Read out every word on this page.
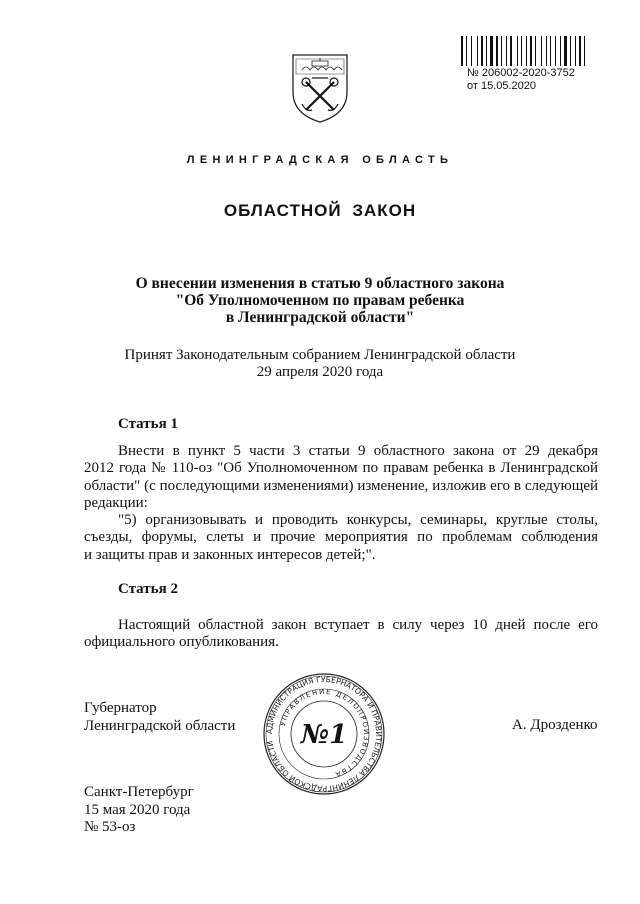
№ 206002-2020-3752
от 15.05.2020
ЛЕНИНГРАДСКАЯ ОБЛАСТЬ
ОБЛАСТНОЙ ЗАКОН
О внесении изменения в статью 9 областного закона
"Об Уполномоченном по правам ребенка
в Ленинградской области"
Принят Законодательным собранием Ленинградской области
29 апреля 2020 года
Статья 1
Внести в пункт 5 части 3 статьи 9 областного закона от 29 декабря
2012 года № 110-оз "Об Уполномоченном по правам ребенка в Ленинградской
области" (с последующими изменениями) изменение, изложив его в следующей
редакции:
"5) организовывать и проводить конкурсы, семинары, круглые столы,
съезды, форумы, слеты и прочие мероприятия по проблемам соблюдения
и защиты прав и законных интересов детей;".
Статья 2
Настоящий областной закон вступает в силу через 10 дней после его
официального опубликования.
Губернатор
Ленинградской области	А. Дрозденко
АДМИНИСТРАЦИЯ ГУБЕРНАТОРА И ПРАВИТЕЛЬСТВА ЛЕНИНГРАДСКОЙ ОБЛАСТИ
УПРАВЛЕНИЕ ДЕЛОПРОИЗВОДСТВА
№1
Санкт-Петербург
15 мая 2020 года
№ 53-оз
